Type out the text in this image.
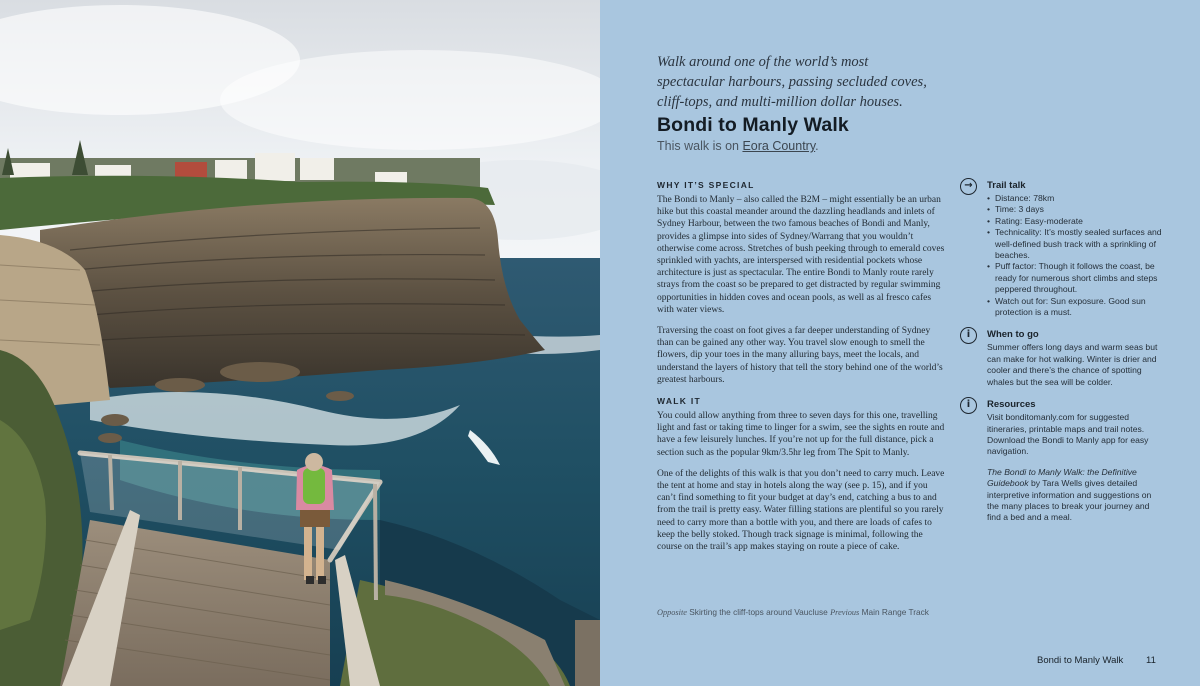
Walk around one of the world’s most spectacular harbours, passing secluded coves, cliff-tops, and multi-million dollar houses.

Bondi to Manly Walk

This walk is on Eora Country.

WHY IT’S SPECIAL

The Bondi to Manly – also called the B2M – might essentially be an urban hike but this coastal meander around the dazzling headlands and inlets of Sydney Harbour, between the two famous beaches of Bondi and Manly, provides a glimpse into sides of Sydney/Warrang that you wouldn’t otherwise come across. Stretches of bush peeking through to emerald coves sprinkled with yachts, are interspersed with residential pockets whose architecture is just as spectacular. The entire Bondi to Manly route rarely strays from the coast so be prepared to get distracted by regular swimming opportunities in hidden coves and ocean pools, as well as al fresco cafes with water views.

Traversing the coast on foot gives a far deeper understanding of Sydney than can be gained any other way. You travel slow enough to smell the flowers, dip your toes in the many alluring bays, meet the locals, and understand the layers of history that tell the story behind one of the world’s greatest harbours.

WALK IT

You could allow anything from three to seven days for this one, travelling light and fast or taking time to linger for a swim, see the sights en route and have a few leisurely lunches. If you’re not up for the full distance, pick a section such as the popular 9km/3.5hr leg from The Spit to Manly.

One of the delights of this walk is that you don’t need to carry much. Leave the tent at home and stay in hotels along the way (see p. 15), and if you can’t find something to fit your budget at day’s end, catching a bus to and from the trail is pretty easy. Water filling stations are plentiful so you rarely need to carry more than a bottle with you, and there are loads of cafes to keep the belly stoked. Though track signage is minimal, following the course on the trail’s app makes staying on route a piece of cake.

→	Trail talk
• Distance: 78km
• Time: 3 days
• Rating: Easy-moderate
• Technicality: It’s mostly sealed surfaces and well-defined bush track with a sprinkling of beaches.
• Puff factor: Though it follows the coast, be ready for numerous short climbs and steps peppered throughout.
• Watch out for: Sun exposure. Good sun protection is a must.
i	When to go

Summer offers long days and warm seas but can make for hot walking. Winter is drier and cooler and there’s the chance of spotting whales but the sea will be colder.

i	Resources

Visit bonditomanly.com for suggested itineraries, printable maps and trail notes. Download the Bondi to Manly app for easy navigation.

The Bondi to Manly Walk: the Definitive Guidebook by Tara Wells gives detailed interpretive information and suggestions on the many places to break your journey and find a bed and a meal.

Opposite Skirting the cliff-tops around Vaucluse Previous Main Range Track

Bondi to Manly Walk 11
